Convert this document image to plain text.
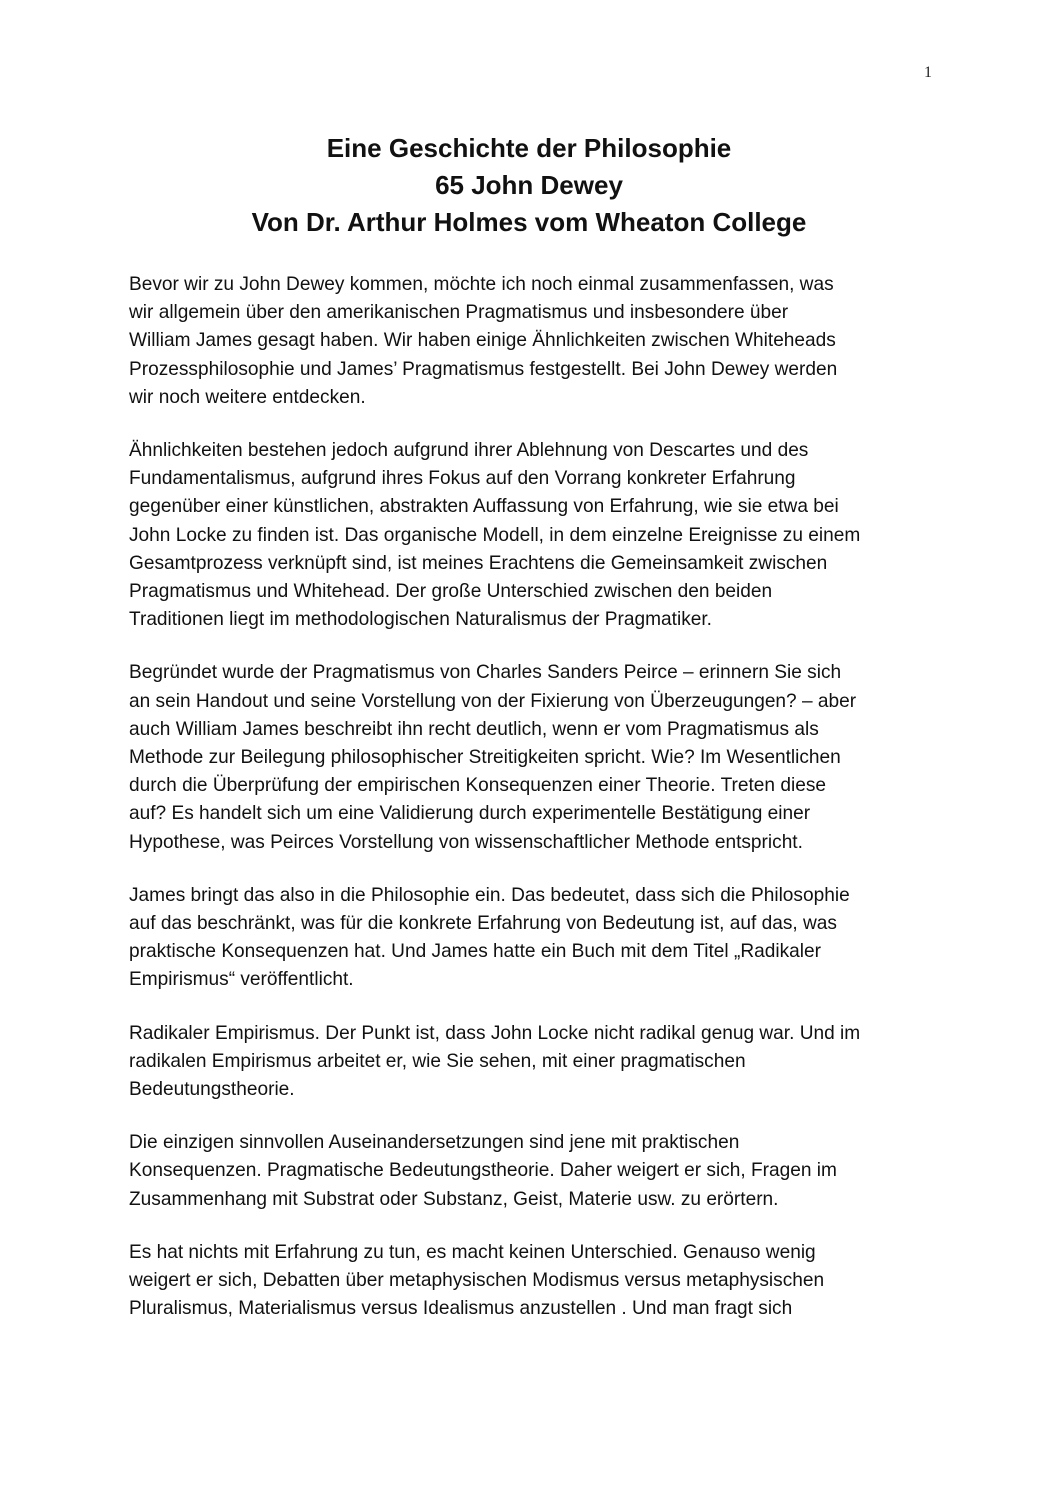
1
Eine Geschichte der Philosophie
65 John Dewey
Von Dr. Arthur Holmes vom Wheaton College

Bevor wir zu John Dewey kommen, möchte ich noch einmal zusammenfassen, was
wir allgemein über den amerikanischen Pragmatismus und insbesondere über
William James gesagt haben. Wir haben einige Ähnlichkeiten zwischen Whiteheads
Prozessphilosophie und James’ Pragmatismus festgestellt. Bei John Dewey werden
wir noch weitere entdecken.

Ähnlichkeiten bestehen jedoch aufgrund ihrer Ablehnung von Descartes und des
Fundamentalismus, aufgrund ihres Fokus auf den Vorrang konkreter Erfahrung
gegenüber einer künstlichen, abstrakten Auffassung von Erfahrung, wie sie etwa bei
John Locke zu finden ist. Das organische Modell, in dem einzelne Ereignisse zu einem
Gesamtprozess verknüpft sind, ist meines Erachtens die Gemeinsamkeit zwischen
Pragmatismus und Whitehead. Der große Unterschied zwischen den beiden
Traditionen liegt im methodologischen Naturalismus der Pragmatiker.

Begründet wurde der Pragmatismus von Charles Sanders Peirce – erinnern Sie sich
an sein Handout und seine Vorstellung von der Fixierung von Überzeugungen? – aber
auch William James beschreibt ihn recht deutlich, wenn er vom Pragmatismus als
Methode zur Beilegung philosophischer Streitigkeiten spricht. Wie? Im Wesentlichen
durch die Überprüfung der empirischen Konsequenzen einer Theorie. Treten diese
auf? Es handelt sich um eine Validierung durch experimentelle Bestätigung einer
Hypothese, was Peirces Vorstellung von wissenschaftlicher Methode entspricht.

James bringt das also in die Philosophie ein. Das bedeutet, dass sich die Philosophie
auf das beschränkt, was für die konkrete Erfahrung von Bedeutung ist, auf das, was
praktische Konsequenzen hat. Und James hatte ein Buch mit dem Titel „Radikaler
Empirismus“ veröffentlicht.

Radikaler Empirismus. Der Punkt ist, dass John Locke nicht radikal genug war. Und im
radikalen Empirismus arbeitet er, wie Sie sehen, mit einer pragmatischen
Bedeutungstheorie.

Die einzigen sinnvollen Auseinandersetzungen sind jene mit praktischen
Konsequenzen. Pragmatische Bedeutungstheorie. Daher weigert er sich, Fragen im
Zusammenhang mit Substrat oder Substanz, Geist, Materie usw. zu erörtern.

Es hat nichts mit Erfahrung zu tun, es macht keinen Unterschied. Genauso wenig
weigert er sich, Debatten über metaphysischen Modismus versus metaphysischen
Pluralismus, Materialismus versus Idealismus anzustellen . Und man fragt sich
